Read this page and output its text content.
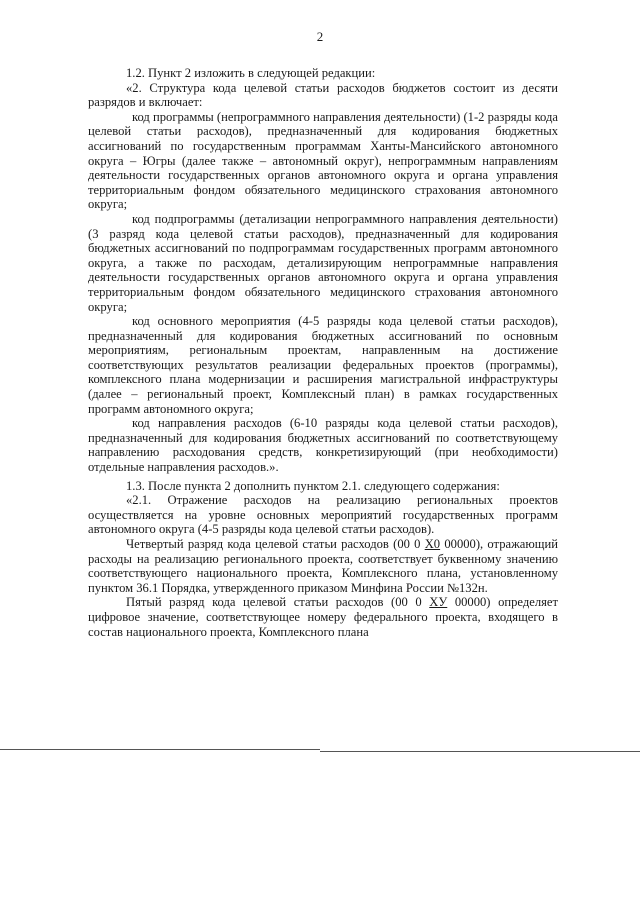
2

1.2. Пункт 2 изложить в следующей редакции:

«2. Структура кода целевой статьи расходов бюджетов состоит из десяти разрядов и включает:

код программы (непрограммного направления деятельности) (1-2 разряды кода целевой статьи расходов), предназначенный для кодирования бюджетных ассигнований по государственным программам Ханты-Мансийского автономного округа – Югры (далее также – автономный округ), непрограммным направлениям деятельности государственных органов автономного округа и органа управления территориальным фондом обязательного медицинского страхования автономного округа;

код подпрограммы (детализации непрограммного направления деятельности) (3 разряд кода целевой статьи расходов), предназначенный для кодирования бюджетных ассигнований по подпрограммам государственных программ автономного округа, а также по расходам, детализирующим непрограммные направления деятельности государственных органов автономного округа и органа управления территориальным фондом обязательного медицинского страхования автономного округа;

код основного мероприятия (4-5 разряды кода целевой статьи расходов), предназначенный для кодирования бюджетных ассигнований по основным мероприятиям, региональным проектам, направленным на достижение соответствующих результатов реализации федеральных проектов (программы), комплексного плана модернизации и расширения магистральной инфраструктуры (далее – региональный проект, Комплексный план) в рамках государственных программ автономного округа;

код направления расходов (6-10 разряды кода целевой статьи расходов), предназначенный для кодирования бюджетных ассигнований по соответствующему направлению расходования средств, конкретизирующий (при необходимости) отдельные направления расходов.».

1.3. После пункта 2 дополнить пунктом 2.1. следующего содержания:

«2.1. Отражение расходов на реализацию региональных проектов осуществляется на уровне основных мероприятий государственных программ автономного округа (4-5 разряды кода целевой статьи расходов).

Четвертый разряд кода целевой статьи расходов (00 0 Х0 00000), отражающий расходы на реализацию регионального проекта, соответствует буквенному значению соответствующего национального проекта, Комплексного плана, установленному пунктом 36.1 Порядка, утвержденного приказом Минфина России №132н.

Пятый разряд кода целевой статьи расходов (00 0 ХУ 00000) определяет цифровое значение, соответствующее номеру федерального проекта, входящего в состав национального проекта, Комплексного плана
